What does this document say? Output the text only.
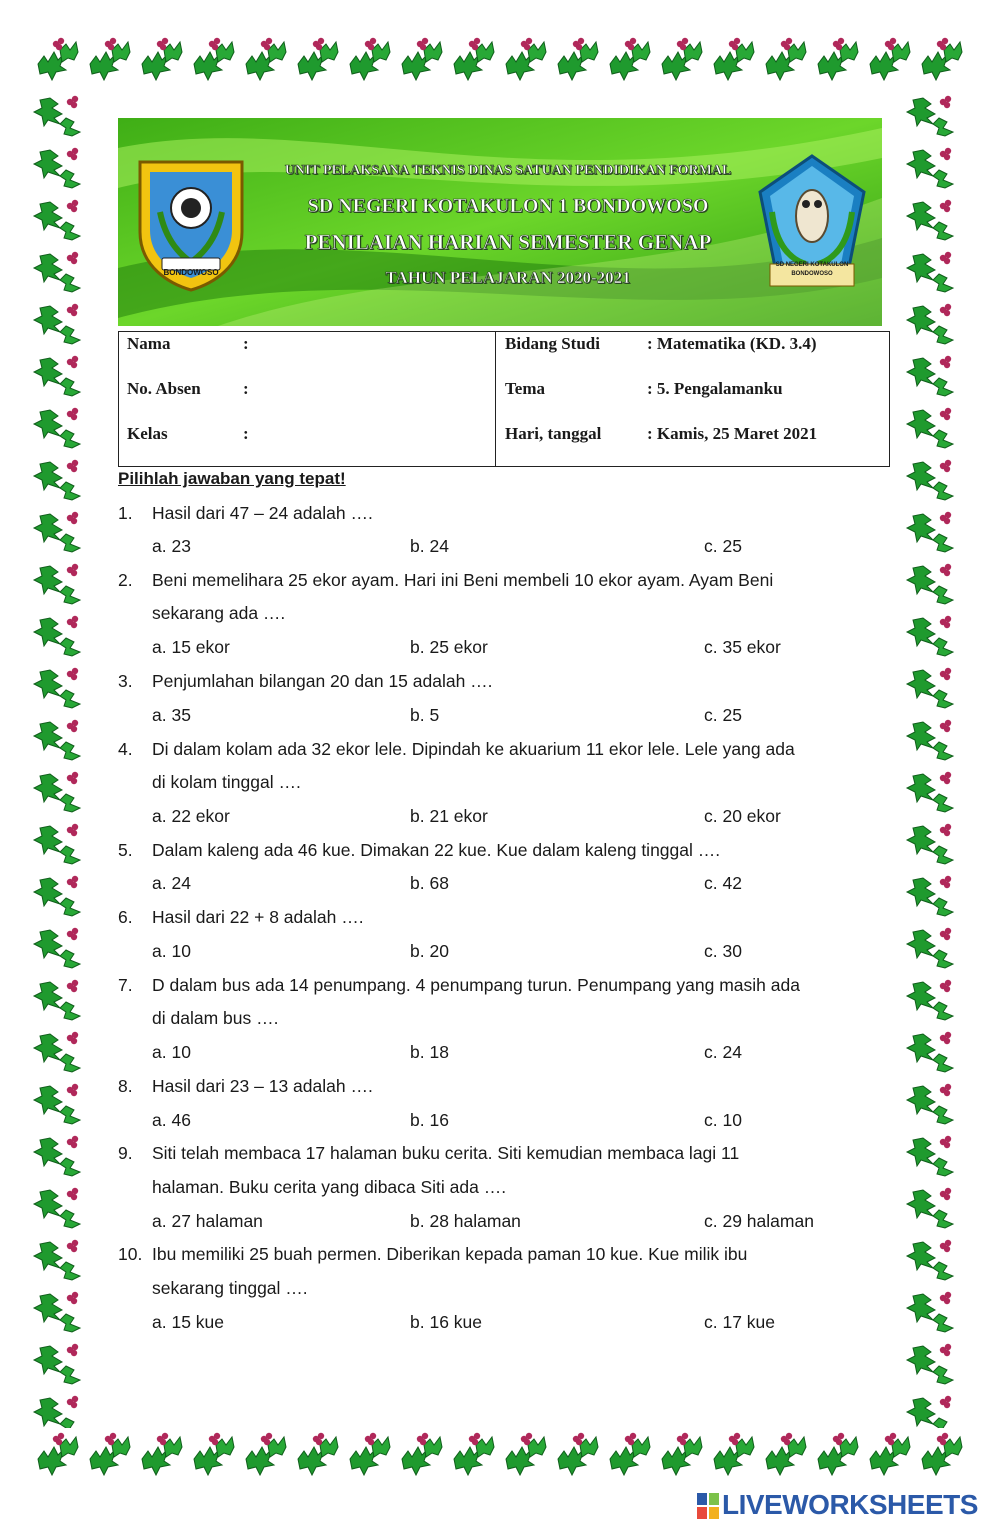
BONDOWOSO
UNIT PELAKSANA TEKNIS DINAS SATUAN PENDIDIKAN FORMAL
SD NEGERI KOTAKULON 1 BONDOWOSO
PENILAIAN HARIAN SEMESTER GENAP
TAHUN PELAJARAN 2020-2021
SD NEGERI KOTAKULON
BONDOWOSO
Nama	:
No. Absen :
Kelas	:
Bidang Studi	: Matematika (KD. 3.4)
Tema	: 5. Pengalamanku
Hari, tanggal	: Kamis, 25 Maret 2021
Pilihlah jawaban yang tepat!
1. Hasil dari 47 – 24 adalah ….
a. 23	b. 24	c. 25
2. Beni memelihara 25 ekor ayam. Hari ini Beni membeli 10 ekor ayam. Ayam Beni
sekarang ada ….
a. 15 ekor	b. 25 ekor	c. 35 ekor
3. Penjumlahan bilangan 20 dan 15 adalah ….
a. 35	b. 5	c. 25
4. Di dalam kolam ada 32 ekor lele. Dipindah ke akuarium 11 ekor lele. Lele yang ada
di kolam tinggal ….
a. 22 ekor	b. 21 ekor	c. 20 ekor
5. Dalam kaleng ada 46 kue. Dimakan 22 kue. Kue dalam kaleng tinggal ….
a. 24	b. 68	c. 42
6. Hasil dari 22 + 8 adalah ….
a. 10	b. 20	c. 30
7. D dalam bus ada 14 penumpang. 4 penumpang turun. Penumpang yang masih ada
di dalam bus ….
a. 10	b. 18	c. 24
8. Hasil dari 23 – 13 adalah ….
a. 46	b. 16	c. 10
9. Siti telah membaca 17 halaman buku cerita. Siti kemudian membaca lagi 11
halaman. Buku cerita yang dibaca Siti ada ….
a. 27 halaman	b. 28 halaman	c. 29 halaman
10. Ibu memiliki 25 buah permen. Diberikan kepada paman 10 kue. Kue milik ibu
sekarang tinggal ….
a. 15 kue	b. 16 kue	c. 17 kue
LIVEWORKSHEETS
